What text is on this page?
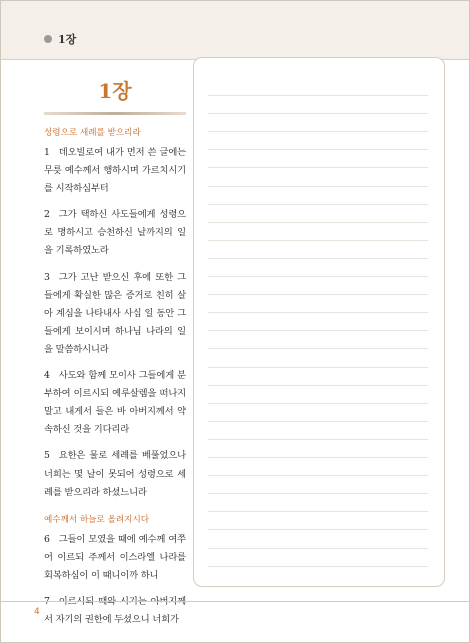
1장
1장
성령으로 세례를 받으리라

1 데오빌로여 내가 먼저 쓴 글에는 무릇 예수께서 행하시며 가르치시기를 시작하심부터

2 그가 택하신 사도들에게 성령으로 명하시고 승천하신 날까지의 일을 기록하였노라

3 그가 고난 받으신 후에 또한 그들에게 확실한 많은 증거로 친히 살아 계심을 나타내사 사십 일 동안 그들에게 보이시며 하나님 나라의 일을 말씀하시니라

4 사도와 함께 모이사 그들에게 분부하여 이르시되 예루살렘을 떠나지 말고 내게서 들은 바 아버지께서 약속하신 것을 기다리라

5 요한은 물로 세례를 베풀었으나 너희는 몇 날이 못되어 성령으로 세례를 받으리라 하셨느니라

예수께서 하늘로 올려지시다

6 그들이 모였을 때에 예수께 여쭈어 이르되 주께서 이스라엘 나라를 회복하심이 이 때니이까 하니

7 이르시되 때와 시기는 아버지께서 자기의 권한에 두셨으니 너희가

4
